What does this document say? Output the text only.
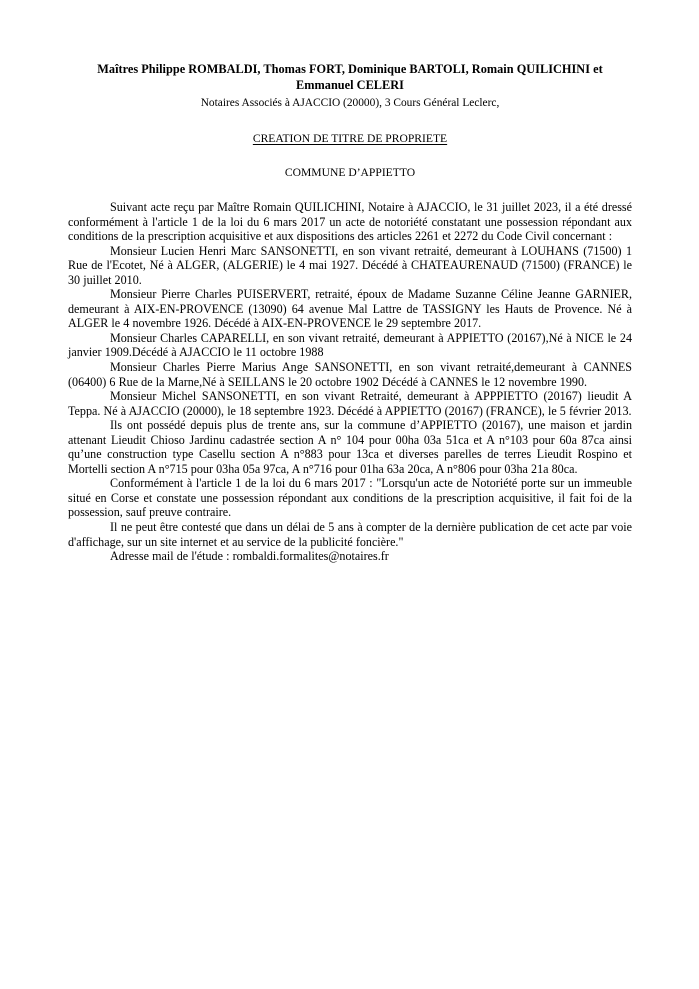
Maîtres Philippe ROMBALDI, Thomas FORT, Dominique BARTOLI, Romain QUILICHINI et Emmanuel CELERI

Notaires Associés à AJACCIO (20000), 3 Cours Général Leclerc,

CREATION DE TITRE DE PROPRIETE

COMMUNE D’APPIETTO

Suivant acte reçu par Maître Romain QUILICHINI, Notaire à AJACCIO, le 31 juillet 2023, il a été dressé conformément à l'article 1 de la loi du 6 mars 2017 un acte de notoriété constatant une possession répondant aux conditions de la prescription acquisitive et aux dispositions des articles 2261 et 2272 du Code Civil concernant :

Monsieur Lucien Henri Marc SANSONETTI, en son vivant retraité, demeurant à LOUHANS (71500) 1 Rue de l'Ecotet, Né à ALGER, (ALGERIE) le 4 mai 1927. Décédé à CHATEAURENAUD (71500) (FRANCE) le 30 juillet 2010.

Monsieur Pierre Charles PUISERVERT, retraité, époux de Madame Suzanne Céline Jeanne GARNIER, demeurant à AIX-EN-PROVENCE (13090) 64 avenue Mal Lattre de TASSIGNY les Hauts de Provence. Né à ALGER le 4 novembre 1926. Décédé à AIX-EN-PROVENCE le 29 septembre 2017.

Monsieur Charles CAPARELLI, en son vivant retraité, demeurant à APPIETTO (20167),Né à NICE le 24 janvier 1909.Décédé à AJACCIO le 11 octobre 1988

Monsieur Charles Pierre Marius Ange SANSONETTI, en son vivant retraité,demeurant à CANNES (06400) 6 Rue de la Marne,Né à SEILLANS le 20 octobre 1902 Décédé à CANNES le 12 novembre 1990.

Monsieur Michel SANSONETTI, en son vivant Retraité, demeurant à APPPIETTO (20167) lieudit A Teppa. Né à AJACCIO (20000), le 18 septembre 1923. Décédé à APPIETTO (20167) (FRANCE), le 5 février 2013.

Ils ont possédé depuis plus de trente ans, sur la commune d’APPIETTO (20167), une maison et jardin attenant Lieudit Chioso Jardinu cadastrée section A n° 104 pour 00ha 03a 51ca et A n°103 pour 60a 87ca ainsi qu’une construction type Casellu section A n°883 pour 13ca et diverses parelles de terres Lieudit Rospino et Mortelli section A n°715 pour 03ha 05a 97ca, A n°716 pour 01ha 63a 20ca, A n°806 pour 03ha 21a 80ca.

Conformément à l'article 1 de la loi du 6 mars 2017 : "Lorsqu'un acte de Notoriété porte sur un immeuble situé en Corse et constate une possession répondant aux conditions de la prescription acquisitive, il fait foi de la possession, sauf preuve contraire.

Il ne peut être contesté que dans un délai de 5 ans à compter de la dernière publication de cet acte par voie d'affichage, sur un site internet et au service de la publicité foncière."

Adresse mail de l'étude : rombaldi.formalites@notaires.fr
